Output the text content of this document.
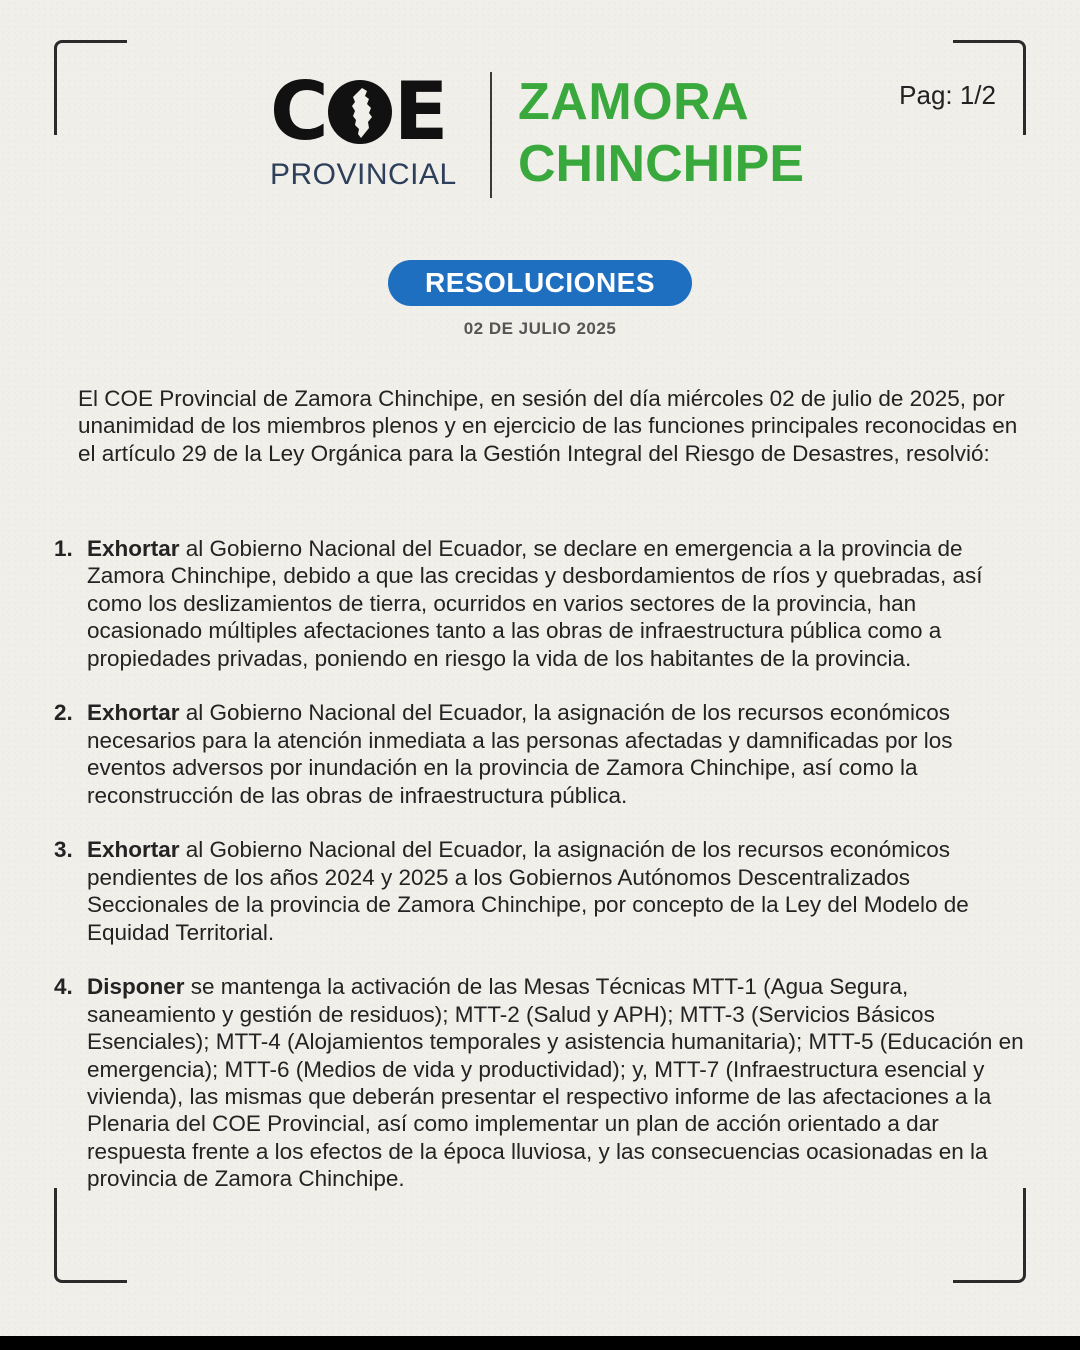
C E
PROVINCIAL
ZAMORA
CHINCHIPE
Pag: 1/2
RESOLUCIONES
02 DE JULIO 2025

El COE Provincial de Zamora Chinchipe, en sesión del día miércoles 02 de julio de 2025, por unanimidad de los miembros plenos y en ejercicio de las funciones principales reconocidas en el artículo 29 de la Ley Orgánica para la Gestión Integral del Riesgo de Desastres, resolvió:

1. Exhortar al Gobierno Nacional del Ecuador, se declare en emergencia a la provincia de Zamora Chinchipe, debido a que las crecidas y desbordamientos de ríos y quebradas, así como los deslizamientos de tierra, ocurridos en varios sectores de la provincia, han ocasionado múltiples afectaciones tanto a las obras de infraestructura pública como a propiedades privadas, poniendo en riesgo la vida de los habitantes de la provincia.
2. Exhortar al Gobierno Nacional del Ecuador, la asignación de los recursos económicos necesarios para la atención inmediata a las personas afectadas y damnificadas por los eventos adversos por inundación en la provincia de Zamora Chinchipe, así como la reconstrucción de las obras de infraestructura pública.
3. Exhortar al Gobierno Nacional del Ecuador, la asignación de los recursos económicos pendientes de los años 2024 y 2025 a los Gobiernos Autónomos Descentralizados Seccionales de la provincia de Zamora Chinchipe, por concepto de la Ley del Modelo de Equidad Territorial.
4. Disponer se mantenga la activación de las Mesas Técnicas MTT-1 (Agua Segura, saneamiento y gestión de residuos); MTT-2 (Salud y APH); MTT-3 (Servicios Básicos Esenciales); MTT-4 (Alojamientos temporales y asistencia humanitaria); MTT-5 (Educación en emergencia); MTT-6 (Medios de vida y productividad); y, MTT-7 (Infraestructura esencial y vivienda), las mismas que deberán presentar el respectivo informe de las afectaciones a la Plenaria del COE Provincial, así como implementar un plan de acción orientado a dar respuesta frente a los efectos de la época lluviosa, y las consecuencias ocasionadas en la provincia de Zamora Chinchipe.
